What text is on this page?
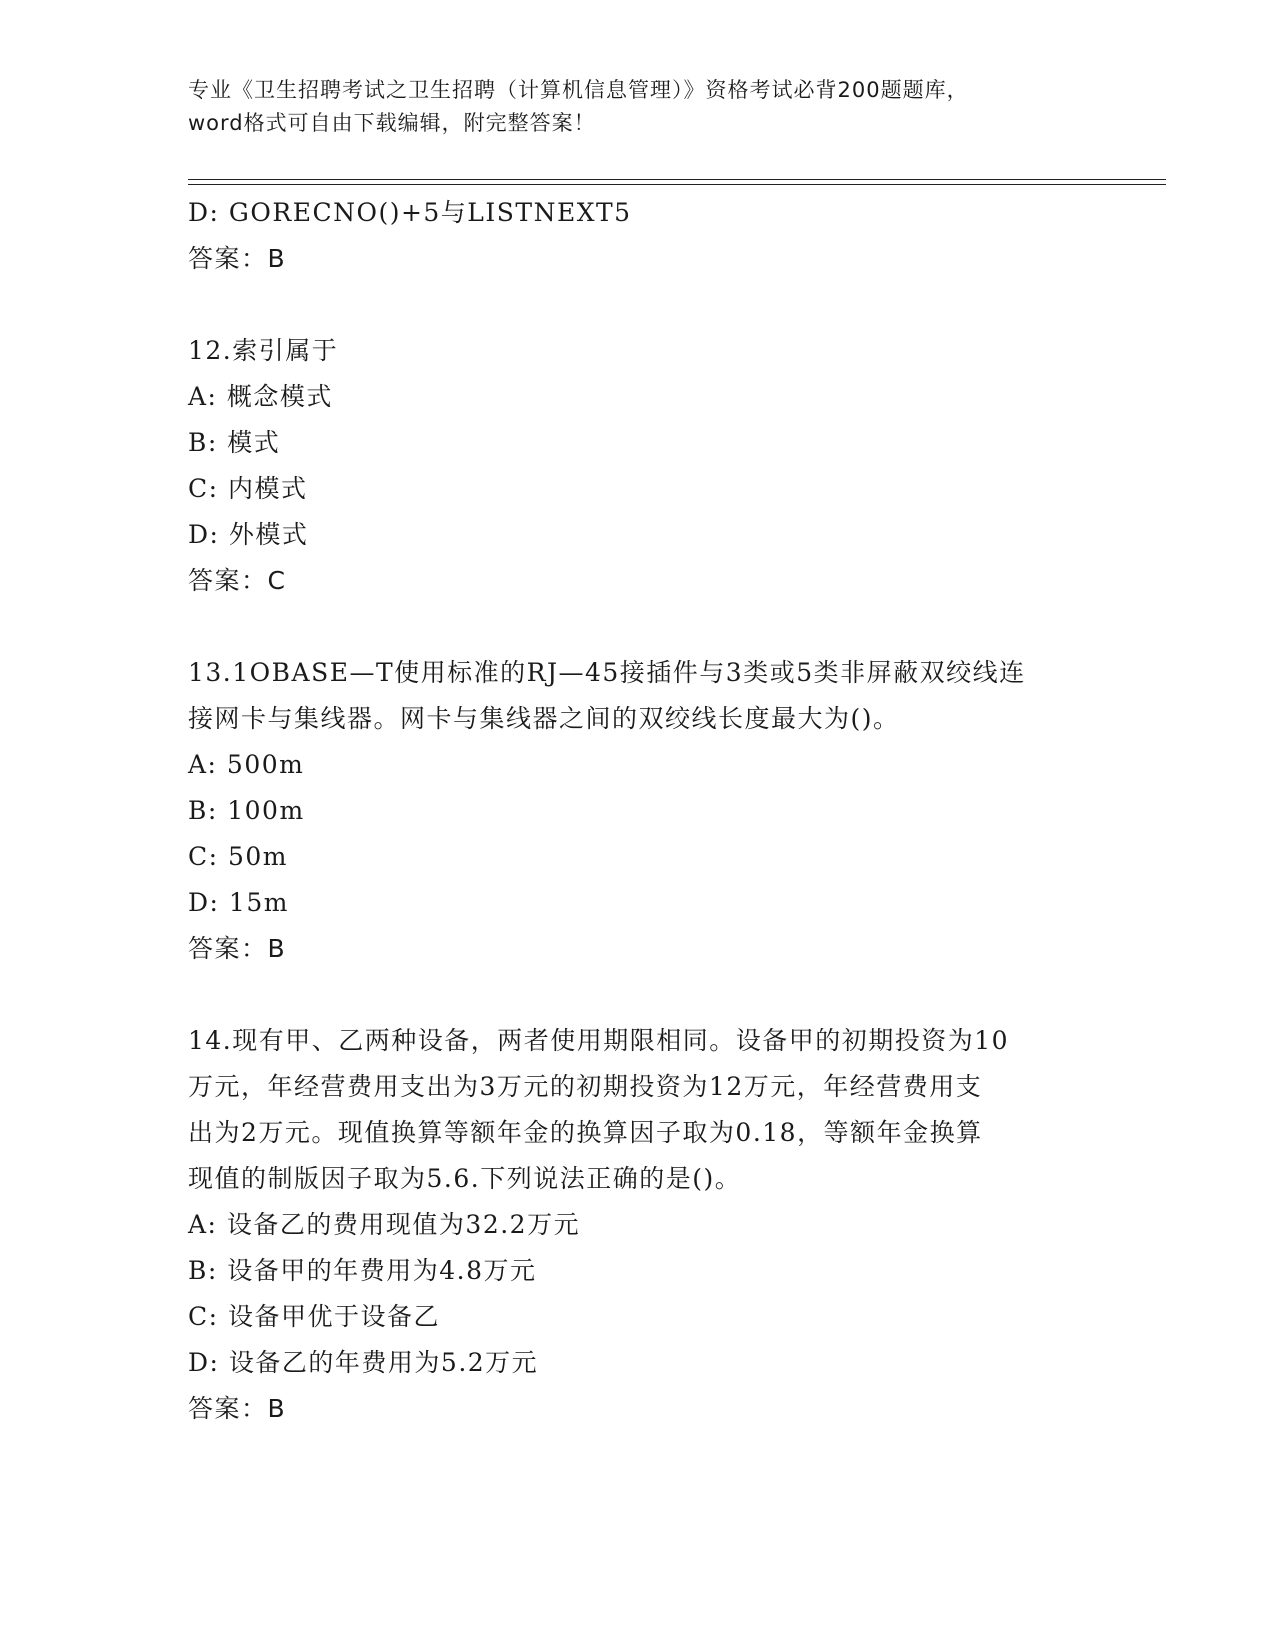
专业《卫生招聘考试之卫生招聘（计算机信息管理）》资格考试必背200题题库，
word格式可自由下载编辑，附完整答案！
D: GORECNO()+5与LISTNEXT5
答案：B
12.索引属于
A: 概念模式
B: 模式
C: 内模式
D: 外模式
答案：C
13.1OBASE—T使用标准的RJ—45接插件与3类或5类非屏蔽双绞线连
接网卡与集线器。网卡与集线器之间的双绞线长度最大为()。
A: 500m
B: 100m
C: 50m
D: 15m
答案：B
14.现有甲、乙两种设备，两者使用期限相同。设备甲的初期投资为10
万元，年经营费用支出为3万元的初期投资为12万元，年经营费用支
出为2万元。现值换算等额年金的换算因子取为0.18，等额年金换算
现值的制版因子取为5.6.下列说法正确的是()。
A: 设备乙的费用现值为32.2万元
B: 设备甲的年费用为4.8万元
C: 设备甲优于设备乙
D: 设备乙的年费用为5.2万元
答案：B
